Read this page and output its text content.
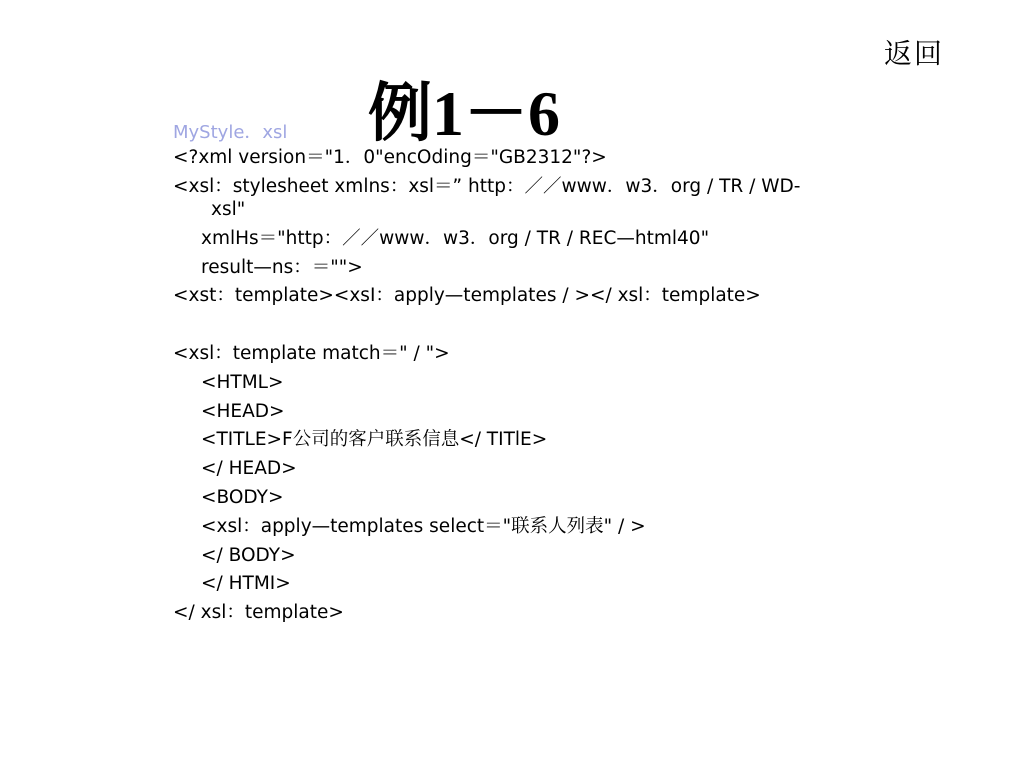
返回
例1－6
MyStyle．xsl
<?xml version＝"1．0"encOding＝"GB2312"?>
<xsl：stylesheet xmlns：xsl＝” http：／／www．w3．org / TR / WD-
xsl"
xmlHs＝"http：／／www．w3．org / TR / REC—html40"
result—ns：＝"">
<xst：template><xsI：apply—templates / ></ xsl：template>
<xsl：template match＝" / ">
<HTML>
<HEAD>
<TITLE>F公司的客户联系信息</ TITlE>
</ HEAD>
<BODY>
<xsl：apply—templates select＝"联系人列表" / >
</ BODY>
</ HTMI>
</ xsl：template>
